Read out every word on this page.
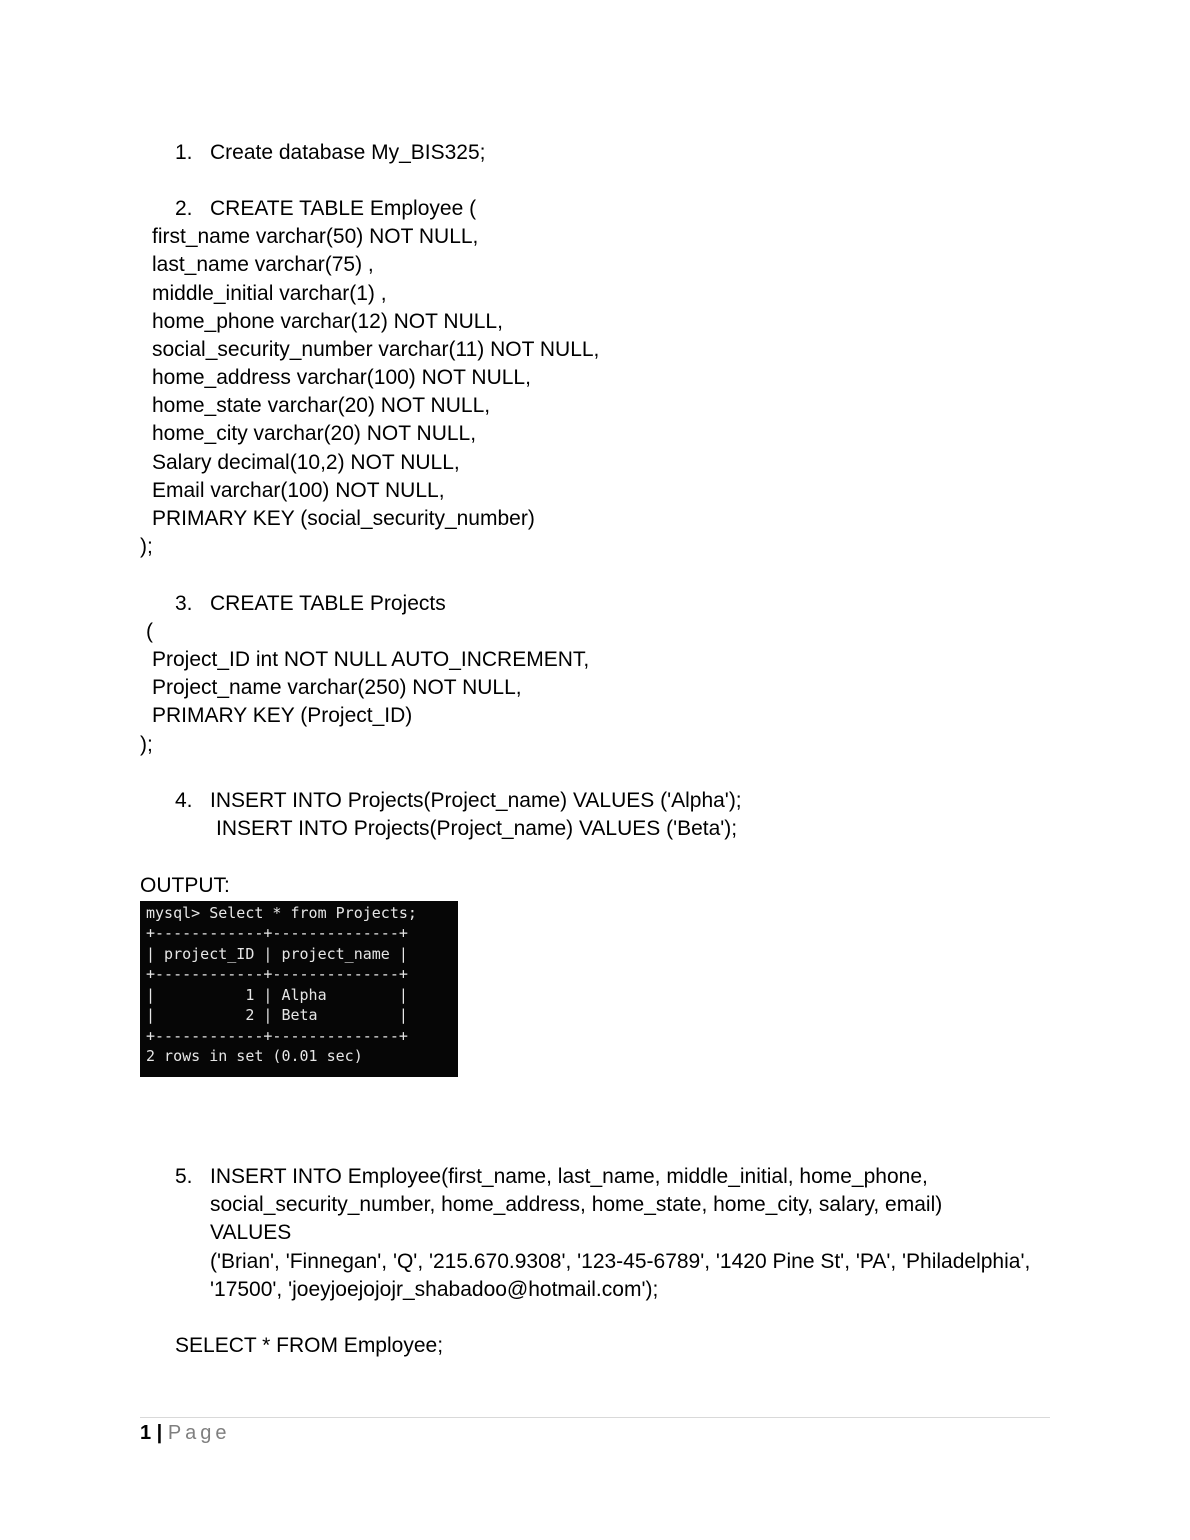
1. Create database My_BIS325;
2. CREATE TABLE Employee (
first_name varchar(50) NOT NULL,
last_name varchar(75) ,
middle_initial varchar(1) ,
home_phone varchar(12) NOT NULL,
social_security_number varchar(11) NOT NULL,
home_address varchar(100) NOT NULL,
home_state varchar(20) NOT NULL,
home_city varchar(20) NOT NULL,
Salary decimal(10,2) NOT NULL,
Email varchar(100) NOT NULL,
PRIMARY KEY (social_security_number)
);
3. CREATE TABLE Projects
(
Project_ID int NOT NULL AUTO_INCREMENT,
Project_name varchar(250) NOT NULL,
PRIMARY KEY (Project_ID)
);
4. INSERT INTO Projects(Project_name) VALUES ('Alpha');
INSERT INTO Projects(Project_name) VALUES ('Beta');
OUTPUT:
mysql> Select * from Projects;
+------------+--------------+
| project_ID | project_name |
+------------+--------------+
|          1 | Alpha        |
|          2 | Beta         |
+------------+--------------+
2 rows in set (0.01 sec)
5. INSERT INTO Employee(first_name, last_name, middle_initial, home_phone,
social_security_number, home_address, home_state, home_city, salary, email)
VALUES
('Brian', 'Finnegan', 'Q', '215.670.9308', '123-45-6789', '1420 Pine St', 'PA', 'Philadelphia',
'17500', 'joeyjoejojojr_shabadoo@hotmail.com');
SELECT * FROM Employee;
1 | Page
